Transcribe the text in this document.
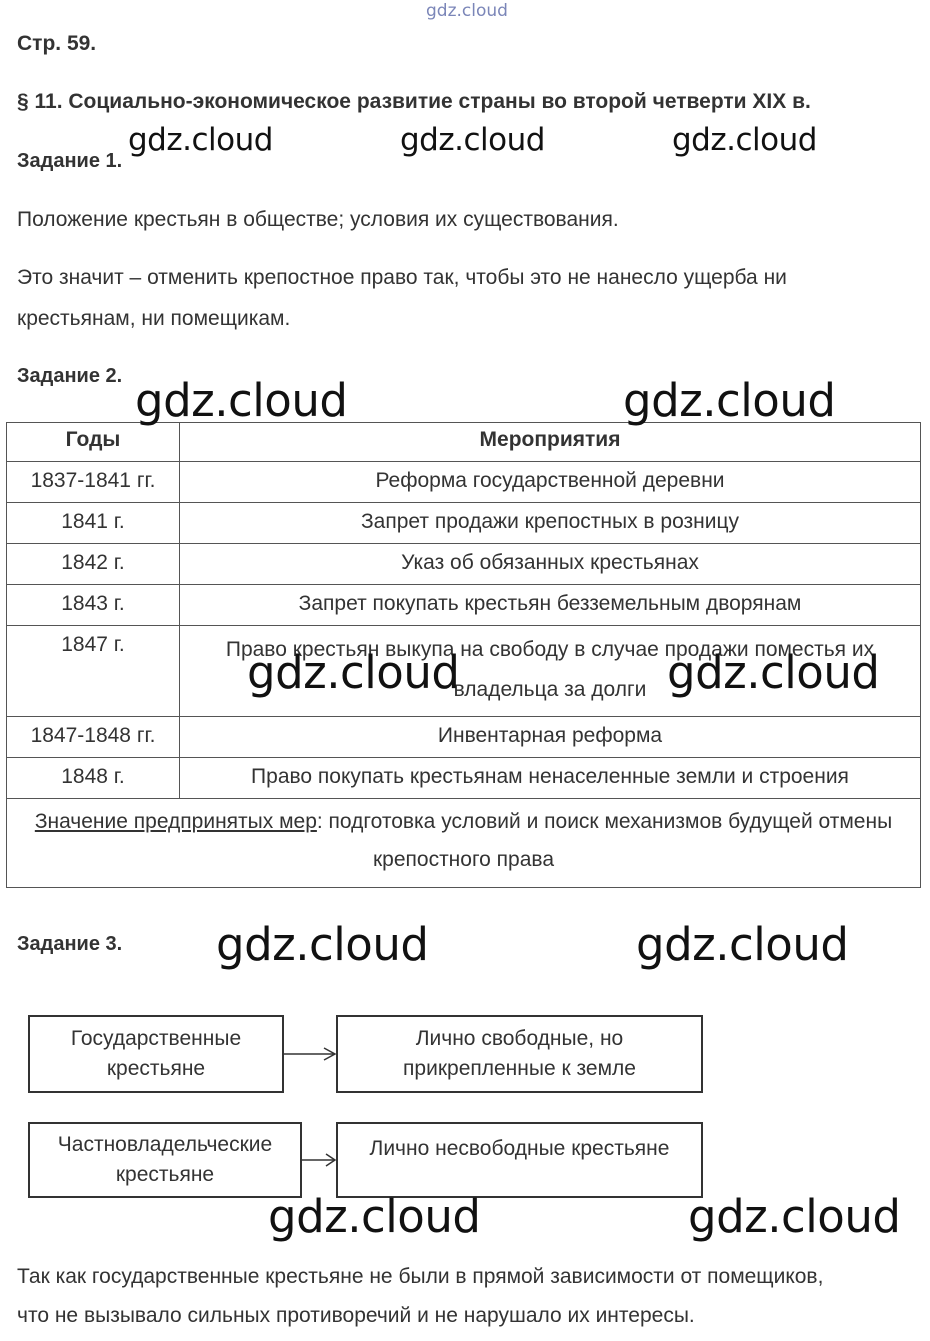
gdz.cloud
Стр. 59.
§ 11. Социально-экономическое развитие страны во второй четверти XIX в.
Задание 1.
gdz.cloud	gdz.cloud	gdz.cloud
Положение крестьян в обществе; условия их существования.
Это значит – отменить крепостное право так, чтобы это не нанесло ущерба ни
крестьянам, ни помещикам.
Задание 2.
Годы	Мероприятия
1837-1841 гг.	Реформа государственной деревни
1841 г.	Запрет продажи крепостных в розницу
1842 г.	Указ об обязанных крестьянах
1843 г.	Запрет покупать крестьян безземельным дворянам
1847 г.	Право крестьян выкупа на свободу в случае продажи поместья их владельца за долги
1847-1848 гг.	Инвентарная реформа
1848 г.	Право покупать крестьянам ненаселенные земли и строения
Значение предпринятых мер: подготовка условий и поиск механизмов будущей отмены крепостного права	
gdz.cloud	gdz.cloud
gdz.cloud	gdz.cloud
Задание 3. gdz.cloud	gdz.cloud
Государственные крестьяне
Лично свободные, но прикрепленные к земле
Частновладельческие крестьяне
Лично несвободные крестьяне
gdz.cloud	gdz.cloud
Так как государственные крестьяне не были в прямой зависимости от помещиков,
что не вызывало сильных противоречий и не нарушало их интересы.
